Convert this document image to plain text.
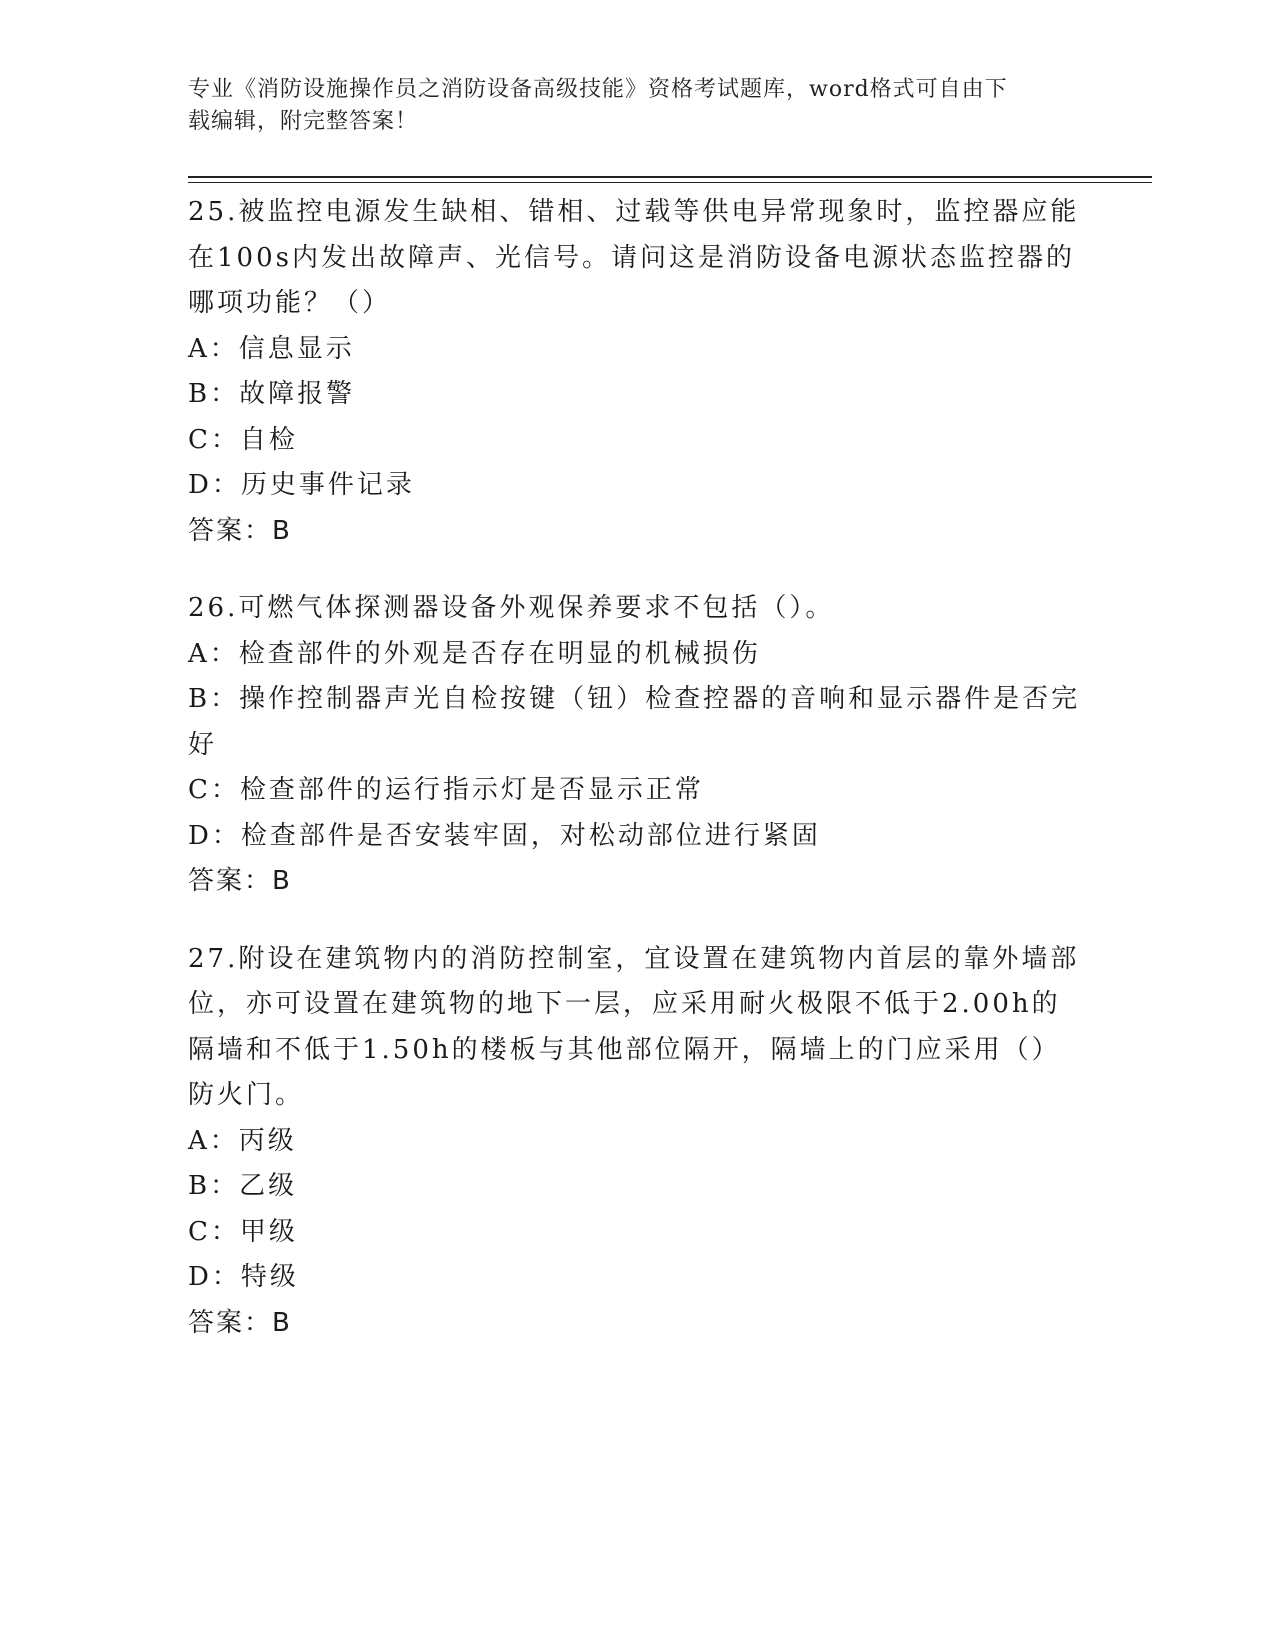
专业《消防设施操作员之消防设备高级技能》资格考试题库，word格式可自由下
载编辑，附完整答案！
25.被监控电源发生缺相、错相、过载等供电异常现象时，监控器应能
在100s内发出故障声、光信号。请问这是消防设备电源状态监控器的
哪项功能？（）
A：信息显示
B：故障报警
C：自检
D：历史事件记录
答案：B
26.可燃气体探测器设备外观保养要求不包括（）。
A：检查部件的外观是否存在明显的机械损伤
B：操作控制器声光自检按键（钮）检查控器的音响和显示器件是否完
好
C：检查部件的运行指示灯是否显示正常
D：检查部件是否安装牢固，对松动部位进行紧固
答案：B
27.附设在建筑物内的消防控制室，宜设置在建筑物内首层的靠外墙部
位，亦可设置在建筑物的地下一层，应采用耐火极限不低于2.00h的
隔墙和不低于1.50h的楼板与其他部位隔开，隔墙上的门应采用（）
防火门。
A：丙级
B：乙级
C：甲级
D：特级
答案：B
